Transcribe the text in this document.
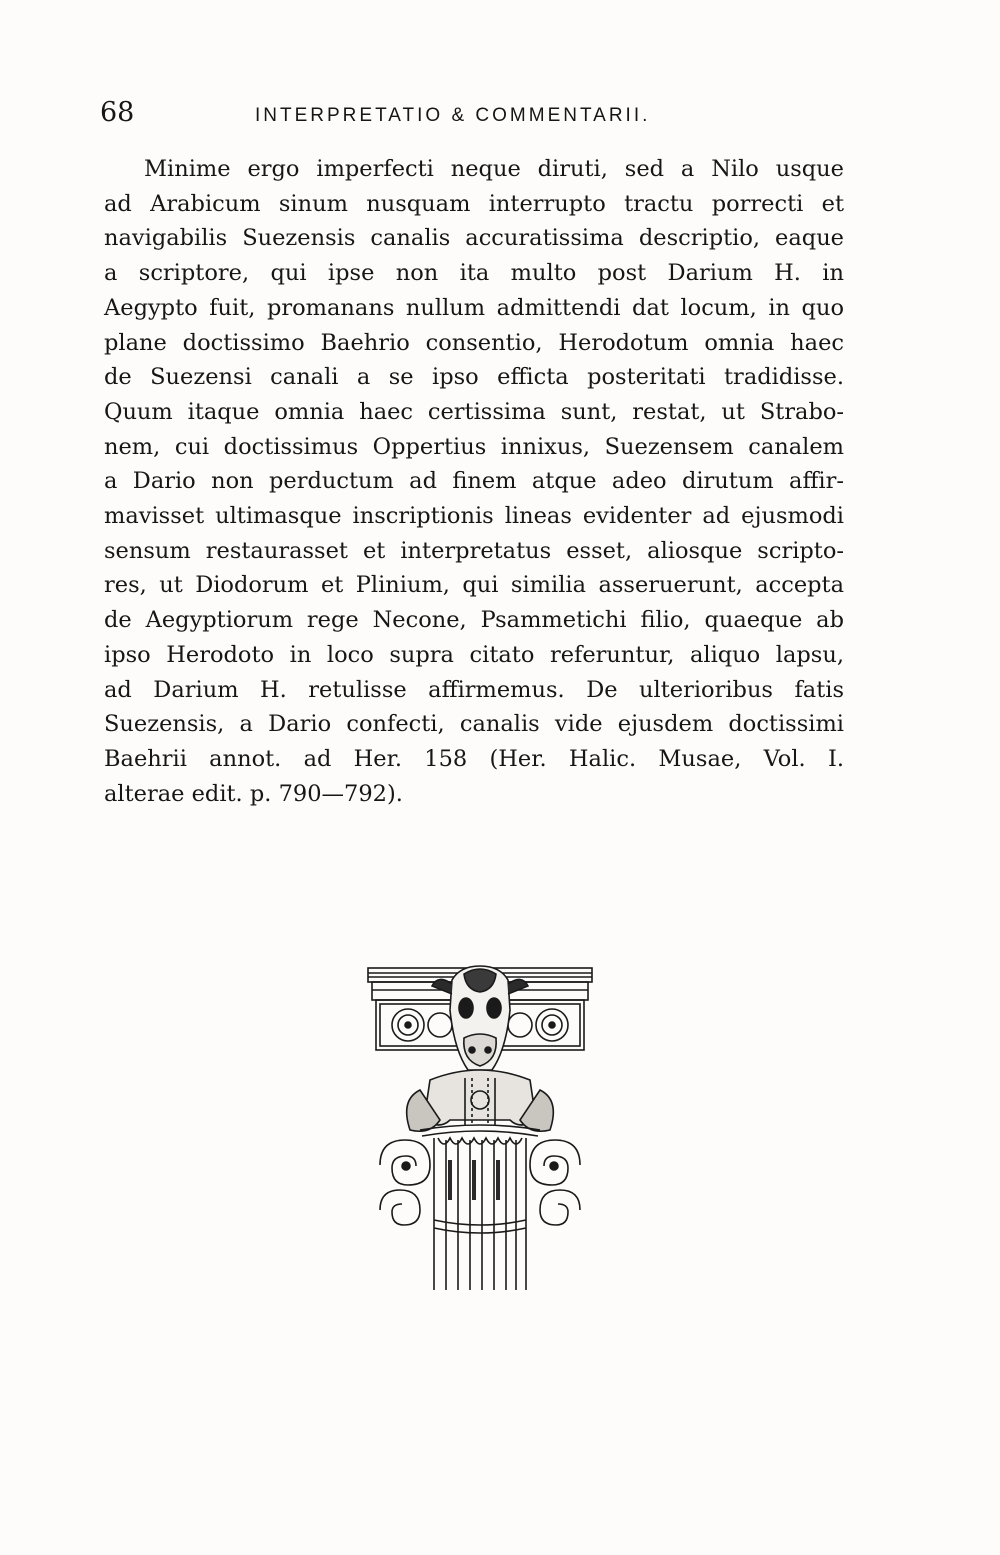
68	INTERPRETATIO & COMMENTARII.
Minime ergo imperfecti neque diruti, sed a Nilo usque
ad Arabicum sinum nusquam interrupto tractu porrecti et
navigabilis Suezensis canalis accuratissima descriptio, eaque
a scriptore, qui ipse non ita multo post Darium H. in
Aegypto fuit, promanans nullum admittendi dat locum, in quo
plane doctissimo Baehrio consentio, Herodotum omnia haec
de Suezensi canali a se ipso efficta posteritati tradidisse.
Quum itaque omnia haec certissima sunt, restat, ut Strabo-
nem, cui doctissimus Oppertius innixus, Suezensem canalem
a Dario non perductum ad finem atque adeo dirutum affir-
mavisset ultimasque inscriptionis lineas evidenter ad ejusmodi
sensum restaurasset et interpretatus esset, aliosque scripto-
res, ut Diodorum et Plinium, qui similia asseruerunt, accepta
de Aegyptiorum rege Necone, Psammetichi filio, quaeque ab
ipso Herodoto in loco supra citato referuntur, aliquo lapsu,
ad Darium H. retulisse affirmemus. De ulterioribus fatis
Suezensis, a Dario confecti, canalis vide ejusdem doctissimi
Baehrii annot. ad Her. 158 (Her. Halic. Musae, Vol. I.
alterae edit. p. 790—792).
